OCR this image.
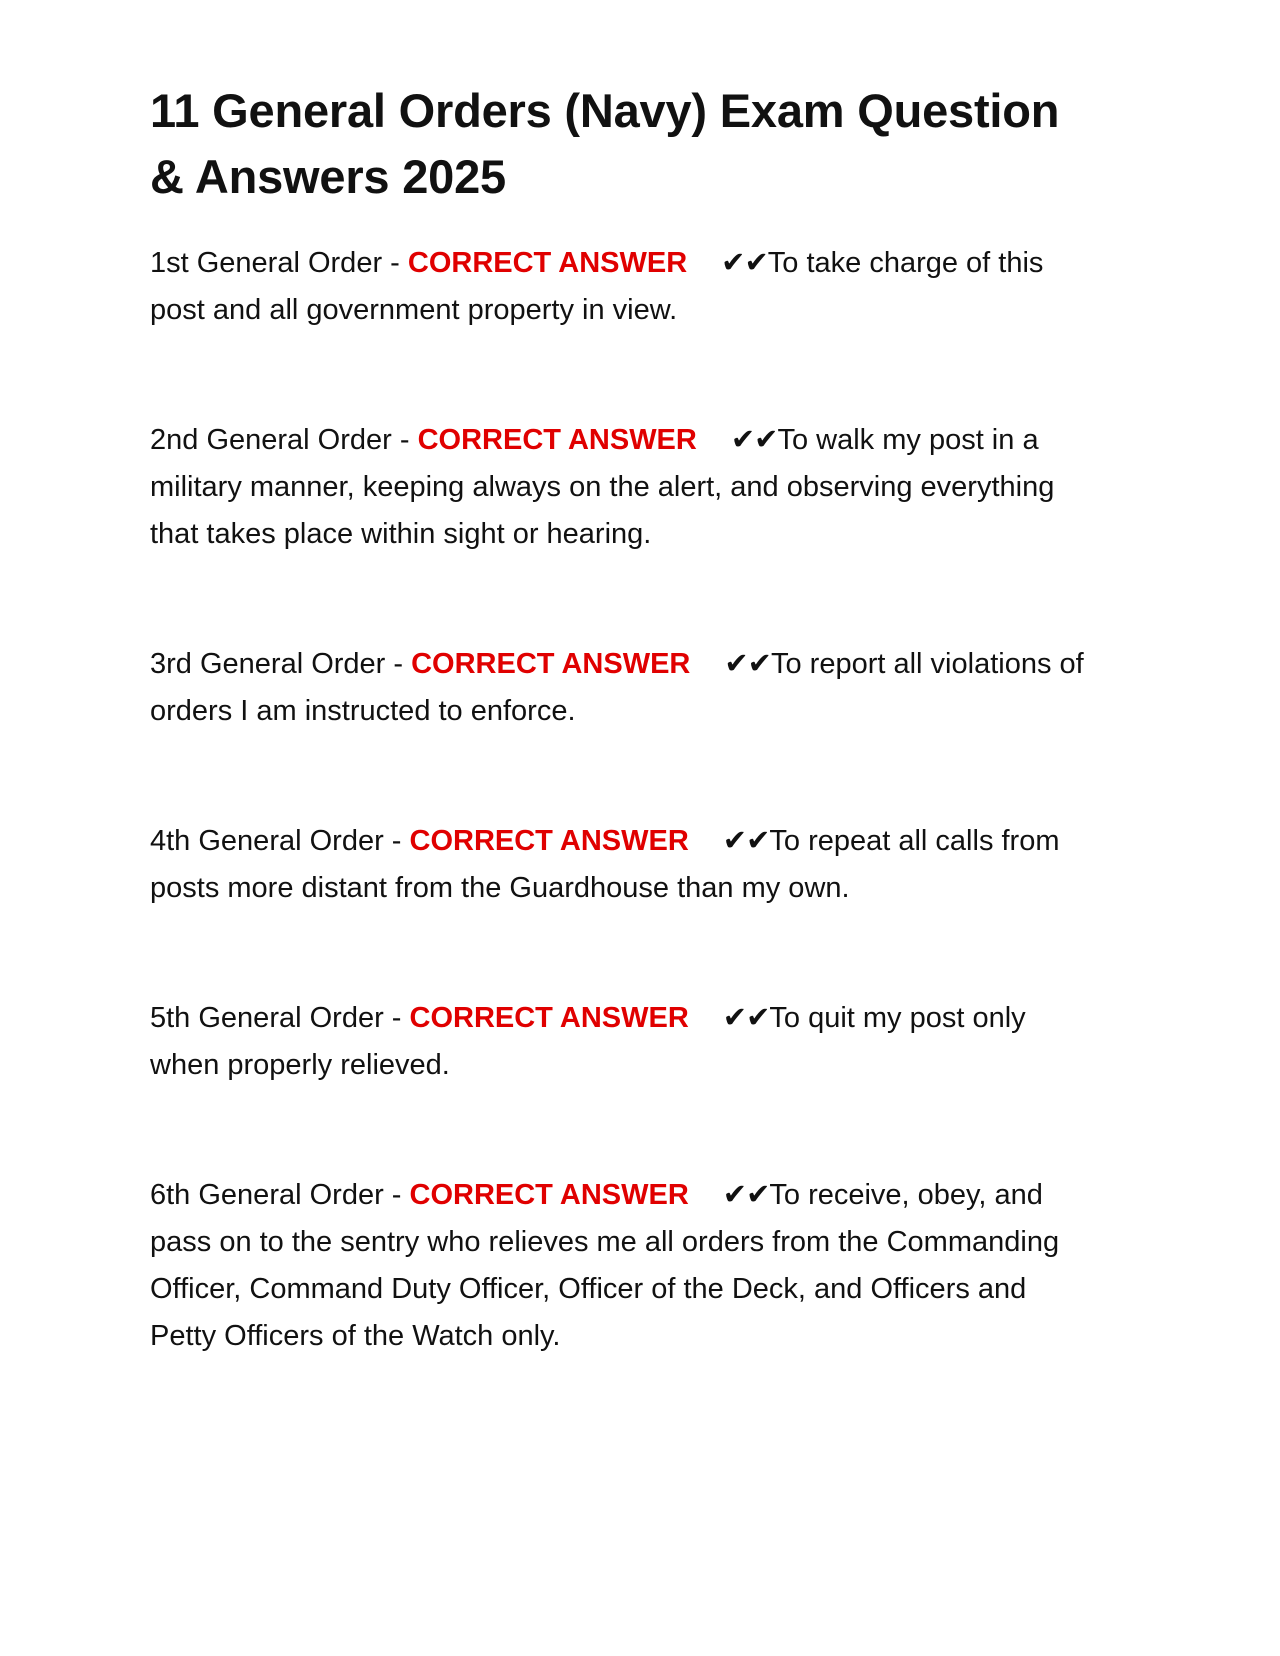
11 General Orders (Navy) Exam Question & Answers 2025

1st General Order - CORRECT ANSWER ✔✔To take charge of this post and all government property in view.

2nd General Order - CORRECT ANSWER ✔✔To walk my post in a military manner, keeping always on the alert, and observing everything that takes place within sight or hearing.

3rd General Order - CORRECT ANSWER ✔✔To report all violations of orders I am instructed to enforce.

4th General Order - CORRECT ANSWER ✔✔To repeat all calls from posts more distant from the Guardhouse than my own.

5th General Order - CORRECT ANSWER ✔✔To quit my post only when properly relieved.

6th General Order - CORRECT ANSWER ✔✔To receive, obey, and pass on to the sentry who relieves me all orders from the Commanding Officer, Command Duty Officer, Officer of the Deck, and Officers and Petty Officers of the Watch only.
